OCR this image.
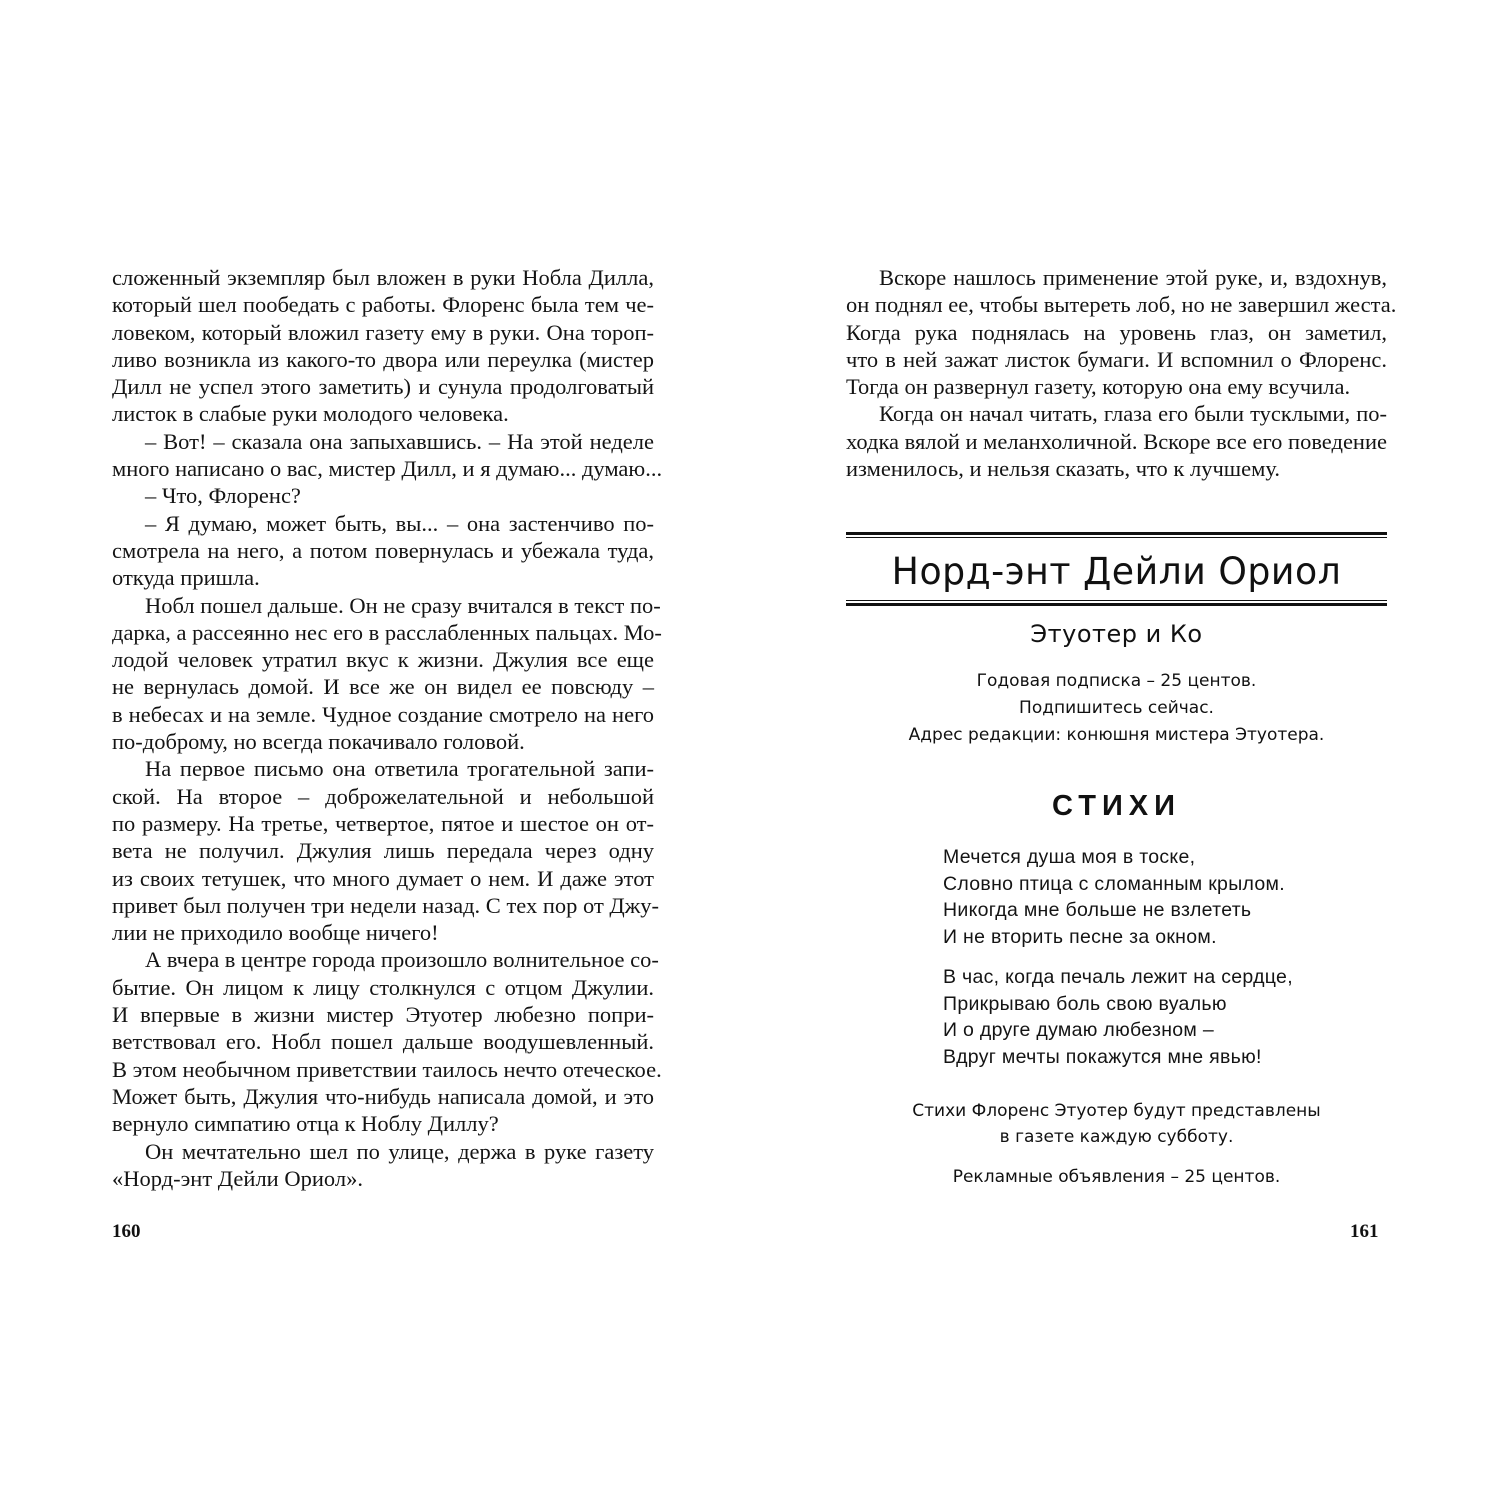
сложенный экземпляр был вложен в руки Нобла Дилла,
который шел пообедать с работы. Флоренс была тем че-
ловеком, который вложил газету ему в руки. Она тороп-
ливо возникла из какого-то двора или переулка (мистер
Дилл не успел этого заметить) и сунула продолговатый
листок в слабые руки молодого человека.
– Вот! – сказала она запыхавшись. – На этой неделе
много написано о вас, мистер Дилл, и я думаю... думаю...
– Что, Флоренс?
– Я думаю, может быть, вы... – она застенчиво по-
смотрела на него, а потом повернулась и убежала туда,
откуда пришла.
Нобл пошел дальше. Он не сразу вчитался в текст по-
дарка, а рассеянно нес его в расслабленных пальцах. Мо-
лодой человек утратил вкус к жизни. Джулия все еще
не вернулась домой. И все же он видел ее повсюду –
в небесах и на земле. Чудное создание смотрело на него
по-доброму, но всегда покачивало головой.
На первое письмо она ответила трогательной запи-
ской. На второе – доброжелательной и небольшой
по размеру. На третье, четвертое, пятое и шестое он от-
вета не получил. Джулия лишь передала через одну
из своих тетушек, что много думает о нем. И даже этот
привет был получен три недели назад. С тех пор от Джу-
лии не приходило вообще ничего!
А вчера в центре города произошло волнительное со-
бытие. Он лицом к лицу столкнулся с отцом Джулии.
И впервые в жизни мистер Этуотер любезно попри-
ветствовал его. Нобл пошел дальше воодушевленный.
В этом необычном приветствии таилось нечто отеческое.
Может быть, Джулия что-нибудь написала домой, и это
вернуло симпатию отца к Ноблу Диллу?
Он мечтательно шел по улице, держа в руке газету
«Норд-энт Дейли Ориол».
160
Вскоре нашлось применение этой руке, и, вздохнув,
он поднял ее, чтобы вытереть лоб, но не завершил жеста.
Когда рука поднялась на уровень глаз, он заметил,
что в ней зажат листок бумаги. И вспомнил о Флоренс.
Тогда он развернул газету, которую она ему всучила.
Когда он начал читать, глаза его были тусклыми, по-
ходка вялой и меланхоличной. Вскоре все его поведение
изменилось, и нельзя сказать, что к лучшему.
Норд-энт Дейли Ориол
Этуотер и Ко
Годовая подписка – 25 центов.
Подпишитесь сейчас.
Адрес редакции: конюшня мистера Этуотера.
СТИХИ
Мечется душа моя в тоске,
Словно птица с сломанным крылом.
Никогда мне больше не взлететь
И не вторить песне за окном.
В час, когда печаль лежит на сердце,
Прикрываю боль свою вуалью
И о друге думаю любезном –
Вдруг мечты покажутся мне явью!
Стихи Флоренс Этуотер будут представлены
в газете каждую субботу.
Рекламные объявления – 25 центов.
161
